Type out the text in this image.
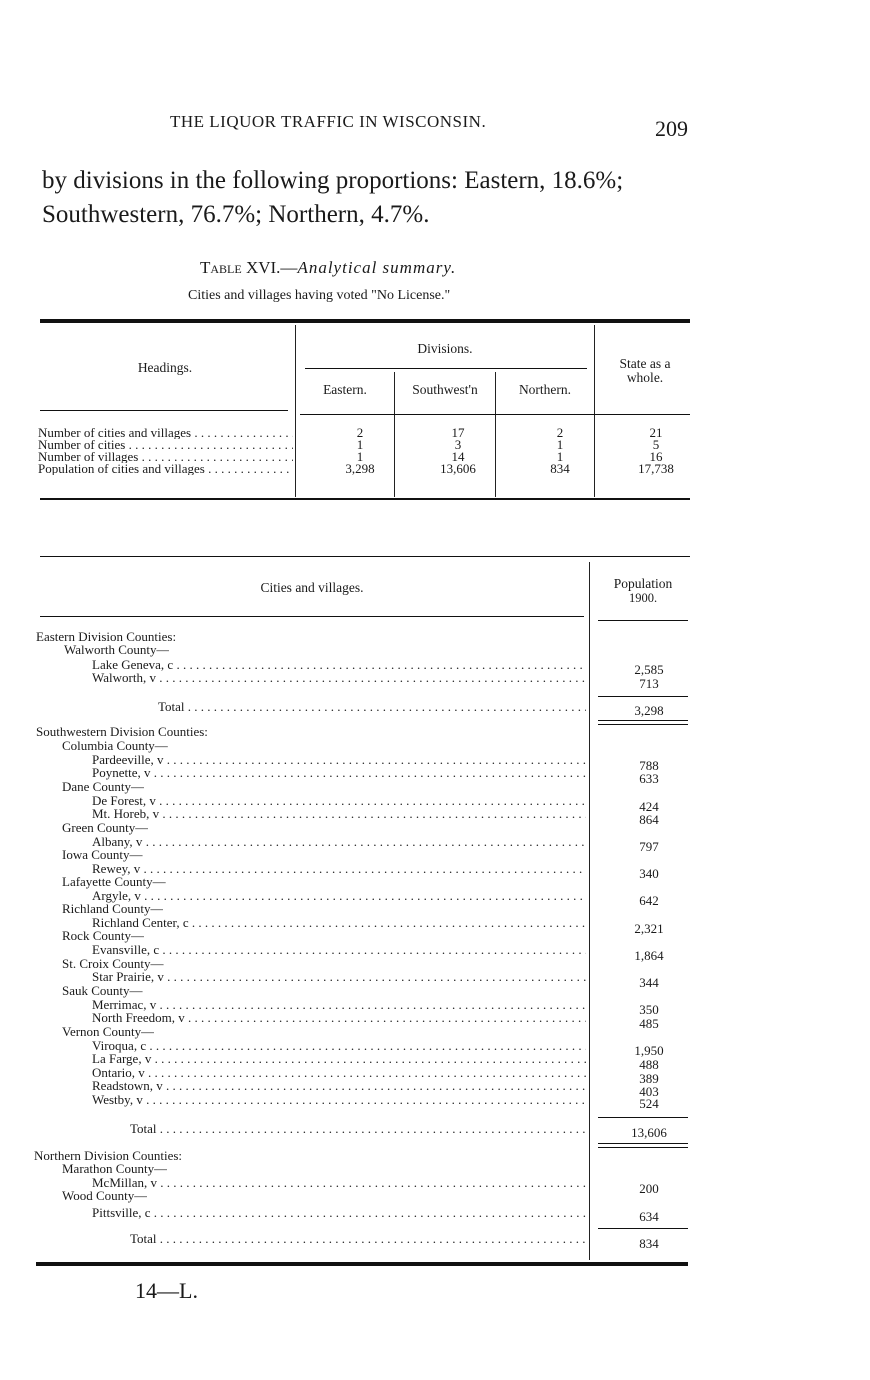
THE LIQUOR TRAFFIC IN WISCONSIN.	209
by divisions in the following proportions: Eastern, 18.6%;
Southwestern, 76.7%; Northern, 4.7%.
Table XVI.—Analytical summary.
Cities and villages having voted "No License."
Headings.
Divisions.
Eastern.	Southwest'n	Northern.
State as a whole.
Number of cities and villages . . .	2	17	2	21
Number of cities . . .	1	3	1	5
Number of villages . . .	1	14	1	16
Population of cities and villages . . .	3,298	13,606	834	17,738
Cities and villages.	Population
1900.
Eastern Division Counties:
Walworth County—
Lake Geneva, c . . .	2,585
Walworth, v . . .	713
Total . . .	3,298
Southwestern Division Counties:
Columbia County—
Pardeeville, v . . .	788
Poynette, v . . .	633
Dane County—
De Forest, v . . .	424
Mt. Horeb, v . . .	864
Green County—
Albany, v . . .	797
Iowa County—
Rewey, v . . .	340
Lafayette County—
Argyle, v . . .	642
Richland County—
Richland Center, c . . .	2,321
Rock County—
Evansville, c . . .	1,864
St. Croix County—
Star Prairie, v . . .	344
Sauk County—
Merrimac, v . . .	350
North Freedom, v . . .	485
Vernon County—
Viroqua, c . . .	1,950
La Farge, v . . .	488
Ontario, v . . .	389
Readstown, v . . .	403
Westby, v . . .	524
Total . . .	13,606
Northern Division Counties:
Marathon County—
McMillan, v . . .	200
Wood County—
Pittsville, c . . .	634
Total . . .	834
14—L.
